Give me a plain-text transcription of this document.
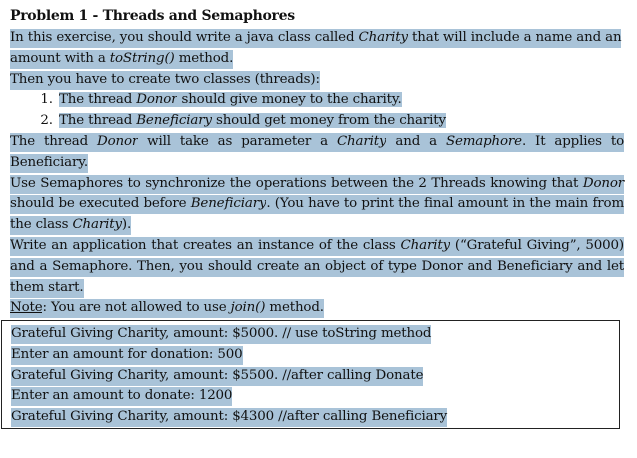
Problem 1 - Threads and Semaphores
In this exercise, you should write a java class called Charity that will include a name and an amount with a toString() method.
Then you have to create two classes (threads):
1. The thread Donor should give money to the charity.
2. The thread Beneficiary should get money from the charity
The thread Donor will take as parameter a Charity and a Semaphore. It applies to Beneficiary.
Use Semaphores to synchronize the operations between the 2 Threads knowing that Donor should be executed before Beneficiary. (You have to print the final amount in the main from the class Charity).
Write an application that creates an instance of the class Charity (“Grateful Giving”, 5000) and a Semaphore. Then, you should create an object of type Donor and Beneficiary and let them start.
Note: You are not allowed to use join() method.
Grateful Giving Charity, amount: $5000. // use toString method
Enter an amount for donation: 500
Grateful Giving Charity, amount: $5500. //after calling Donate
Enter an amount to donate: 1200
Grateful Giving Charity, amount: $4300 //after calling Beneficiary
